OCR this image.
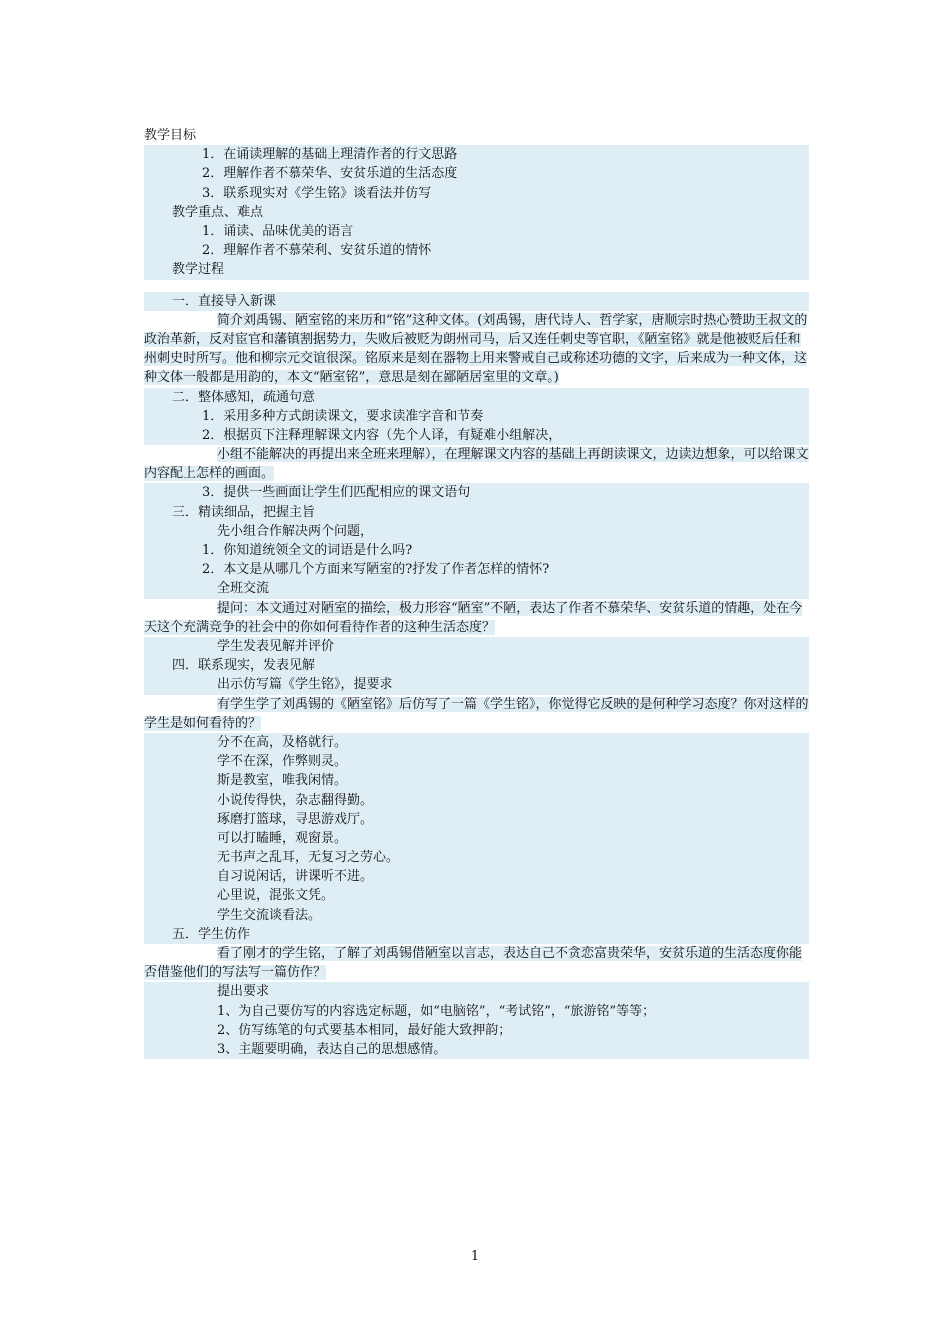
教学目标
1．在诵读理解的基础上理清作者的行文思路
2．理解作者不慕荣华、安贫乐道的生活态度
3．联系现实对《学生铭》谈看法并仿写
教学重点、难点
1．诵读、品味优美的语言
2．理解作者不慕荣利、安贫乐道的情怀
教学过程
一．直接导入新课
简介刘禹锡、陋室铭的来历和“铭”这种文体。(刘禹锡，唐代诗人、哲学家，唐顺宗时热心赞助王叔文的政治革新，反对宦官和藩镇割据势力，失败后被贬为朗州司马，后又连任刺史等官职，《陋室铭》就是他被贬后任和州刺史时所写。他和柳宗元交谊很深。铭原来是刻在器物上用来警戒自己或称述功德的文字，后来成为一种文体，这种文体一般都是用韵的，本文“陋室铭”，意思是刻在鄙陋居室里的文章。)
二．整体感知，疏通句意
1．采用多种方式朗读课文，要求读准字音和节奏
2．根据页下注释理解课文内容（先个人译，有疑难小组解决，
小组不能解决的再提出来全班来理解），在理解课文内容的基础上再朗读课文，边读边想象，可以给课文内容配上怎样的画面。
3．提供一些画面让学生们匹配相应的课文语句
三．精读细品，把握主旨
先小组合作解决两个问题，
1．你知道统领全文的词语是什么吗?
2．本文是从哪几个方面来写陋室的?抒发了作者怎样的情怀?
全班交流
提问：本文通过对陋室的描绘，极力形容“陋室”不陋，表达了作者不慕荣华、安贫乐道的情趣，处在今天这个充满竞争的社会中的你如何看待作者的这种生活态度？
学生发表见解并评价
四．联系现实，发表见解
出示仿写篇《学生铭》，提要求
有学生学了刘禹锡的《陋室铭》后仿写了一篇《学生铭》，你觉得它反映的是何种学习态度？你对这样的学生是如何看待的？
分不在高，及格就行。
学不在深，作弊则灵。
斯是教室，唯我闲情。
小说传得快，杂志翻得勤。
琢磨打篮球，寻思游戏厅。
可以打瞌睡，观窗景。
无书声之乱耳，无复习之劳心。
自习说闲话，讲课听不进。
心里说，混张文凭。
学生交流谈看法。
五．学生仿作
看了刚才的学生铭，了解了刘禹锡借陋室以言志，表达自己不贪恋富贵荣华，安贫乐道的生活态度你能否借鉴他们的写法写一篇仿作？
提出要求
1、为自己要仿写的内容选定标题，如“电脑铭”，“考试铭”，“旅游铭”等等；
2、仿写练笔的句式要基本相同，最好能大致押韵；
3、主题要明确，表达自己的思想感情。
1
